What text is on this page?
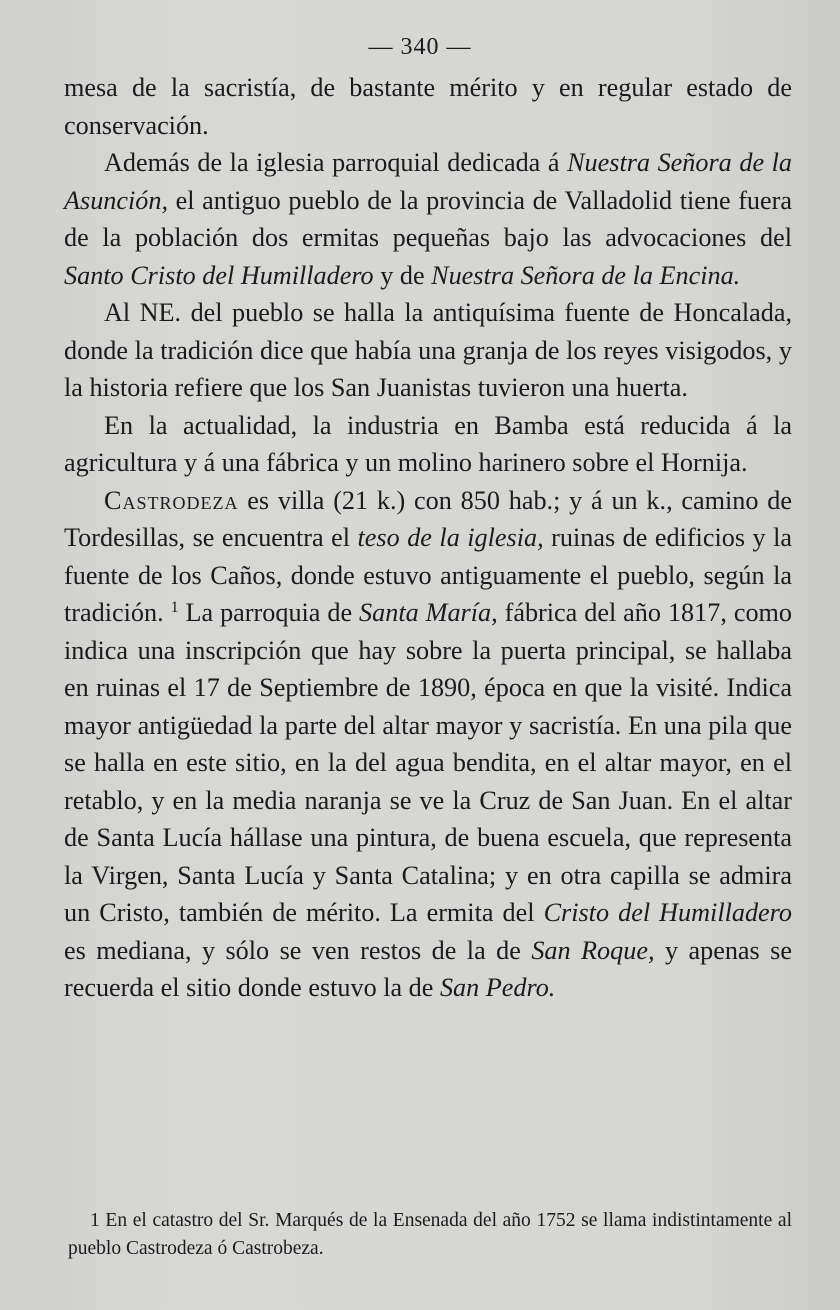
— 340 —

mesa de la sacristía, de bastante mérito y en regular estado de conservación.

Además de la iglesia parroquial dedicada á Nuestra Señora de la Asunción, el antiguo pueblo de la provincia de Valladolid tiene fuera de la población dos ermitas pequeñas bajo las advocaciones del Santo Cristo del Humilladero y de Nuestra Señora de la Encina.

Al NE. del pueblo se halla la antiquísima fuente de Honcalada, donde la tradición dice que había una granja de los reyes visigodos, y la historia refiere que los San Juanistas tuvieron una huerta.

En la actualidad, la industria en Bamba está reducida á la agricultura y á una fábrica y un molino harinero sobre el Hornija.

Castrodeza es villa (21 k.) con 850 hab.; y á un k., camino de Tordesillas, se encuentra el teso de la iglesia, ruinas de edificios y la fuente de los Caños, donde estuvo antiguamente el pueblo, según la tradición. $^1$ La parroquia de Santa María, fábrica del año 1817, como indica una inscripción que hay sobre la puerta principal, se hallaba en ruinas el 17 de Septiembre de 1890, época en que la visité. Indica mayor antigüedad la parte del altar mayor y sacristía. En una pila que se halla en este sitio, en la del agua bendita, en el altar mayor, en el retablo, y en la media naranja se ve la Cruz de San Juan. En el altar de Santa Lucía hállase una pintura, de buena escuela, que representa la Virgen, Santa Lucía y Santa Catalina; y en otra capilla se admira un Cristo, también de mérito. La ermita del Cristo del Humilladero es mediana, y sólo se ven restos de la de San Roque, y apenas se recuerda el sitio donde estuvo la de San Pedro.

1 En el catastro del Sr. Marqués de la Ensenada del año 1752 se llama indistintamente al pueblo Castrodeza ó Castrobeza.
